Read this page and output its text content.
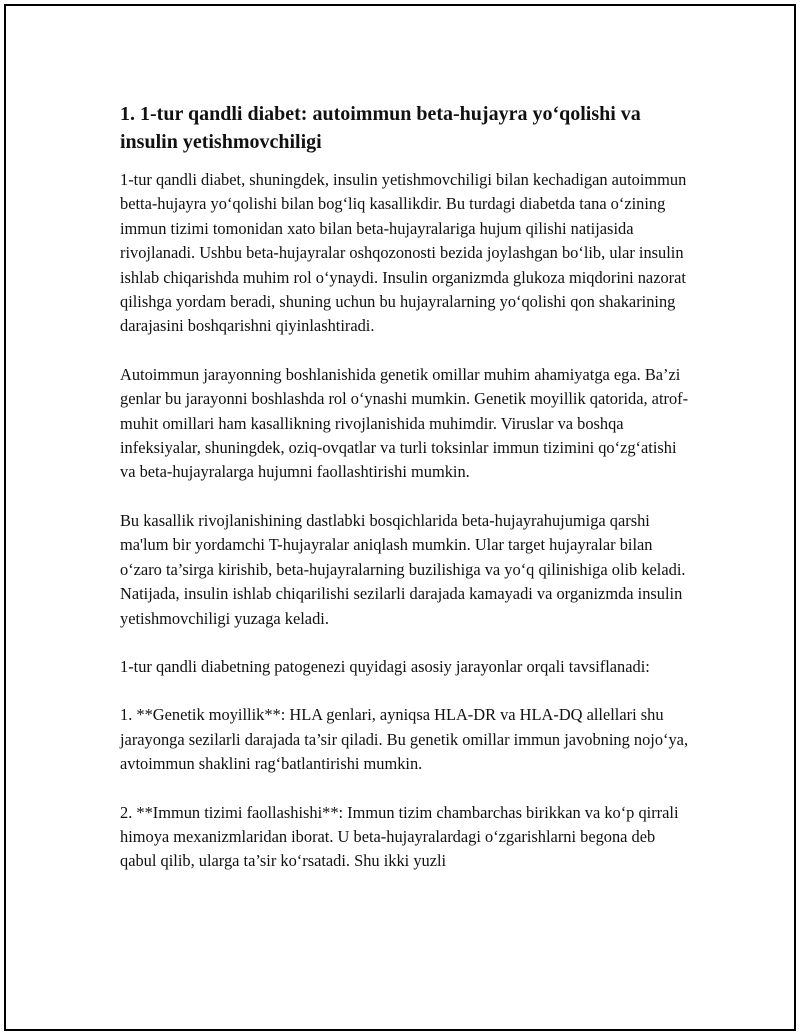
1. 1-tur qandli diabet: autoimmun beta-hujayra yo‘qolishi va insulin yetishmovchiligi

1-tur qandli diabet, shuningdek, insulin yetishmovchiligi bilan kechadigan autoimmun betta-hujayra yo‘qolishi bilan bog‘liq kasallikdir. Bu turdagi diabetda tana o‘zining immun tizimi tomonidan xato bilan beta-hujayralariga hujum qilishi natijasida rivojlanadi. Ushbu beta-hujayralar oshqozonosti bezida joylashgan bo‘lib, ular insulin ishlab chiqarishda muhim rol o‘ynaydi. Insulin organizmda glukoza miqdorini nazorat qilishga yordam beradi, shuning uchun bu hujayralarning yo‘qolishi qon shakarining darajasini boshqarishni qiyinlashtiradi.

Autoimmun jarayonning boshlanishida genetik omillar muhim ahamiyatga ega. Ba’zi genlar bu jarayonni boshlashda rol o‘ynashi mumkin. Genetik moyillik qatorida, atrof-muhit omillari ham kasallikning rivojlanishida muhimdir. Viruslar va boshqa infeksiyalar, shuningdek, oziq-ovqatlar va turli toksinlar immun tizimini qo‘zg‘atishi va beta-hujayralarga hujumni faollashtirishi mumkin.

Bu kasallik rivojlanishining dastlabki bosqichlarida beta-hujayrahujumiga qarshi ma'lum bir yordamchi T-hujayralar aniqlash mumkin. Ular target hujayralar bilan o‘zaro ta’sirga kirishib, beta-hujayralarning buzilishiga va yo‘q qilinishiga olib keladi. Natijada, insulin ishlab chiqarilishi sezilarli darajada kamayadi va organizmda insulin yetishmovchiligi yuzaga keladi.

1-tur qandli diabetning patogenezi quyidagi asosiy jarayonlar orqali tavsiflanadi:

1. **Genetik moyillik**: HLA genlari, ayniqsa HLA-DR va HLA-DQ allellari shu jarayonga sezilarli darajada ta’sir qiladi. Bu genetik omillar immun javobning nojo‘ya, avtoimmun shaklini rag‘batlantirishi mumkin.

2. **Immun tizimi faollashishi**: Immun tizim chambarchas birikkan va ko‘p qirrali himoya mexanizmlaridan iborat. U beta-hujayralardagi o‘zgarishlarni begona deb qabul qilib, ularga ta’sir ko‘rsatadi. Shu ikki yuzli
